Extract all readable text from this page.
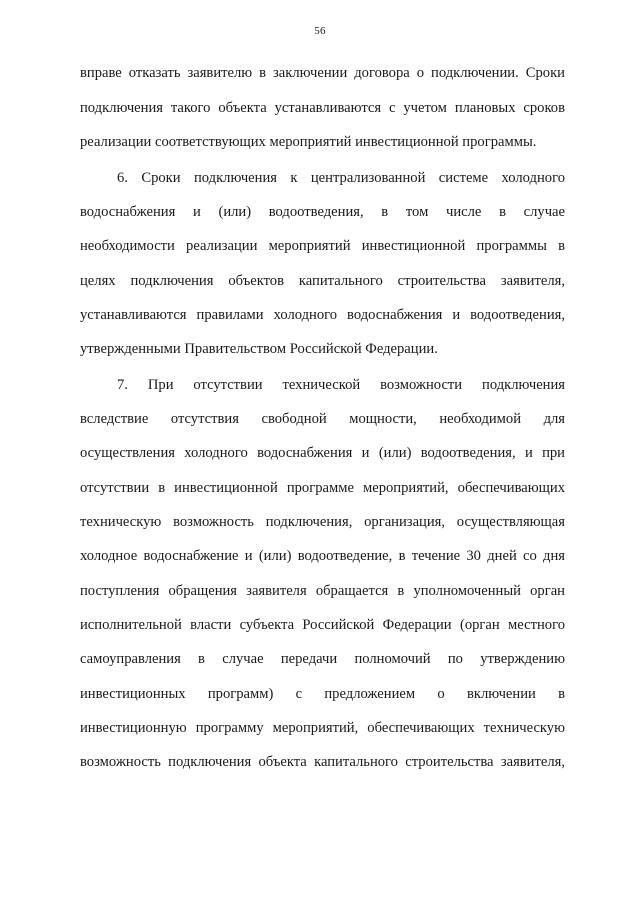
56
вправе отказать заявителю в заключении договора о подключении. Сроки
подключения такого объекта устанавливаются с учетом плановых сроков
реализации соответствующих мероприятий инвестиционной программы.
6. Сроки подключения к централизованной системе холодного
водоснабжения и (или) водоотведения, в том числе в случае
необходимости реализации мероприятий инвестиционной программы в
целях подключения объектов капитального строительства заявителя,
устанавливаются правилами холодного водоснабжения и водоотведения,
утвержденными Правительством Российской Федерации.
7. При отсутствии технической возможности подключения
вследствие отсутствия свободной мощности, необходимой для
осуществления холодного водоснабжения и (или) водоотведения, и при
отсутствии в инвестиционной программе мероприятий, обеспечивающих
техническую возможность подключения, организация, осуществляющая
холодное водоснабжение и (или) водоотведение, в течение 30 дней со дня
поступления обращения заявителя обращается в уполномоченный орган
исполнительной власти субъекта Российской Федерации (орган местного
самоуправления в случае передачи полномочий по утверждению
инвестиционных программ) с предложением о включении в
инвестиционную программу мероприятий, обеспечивающих техническую
возможность подключения объекта капитального строительства заявителя,
